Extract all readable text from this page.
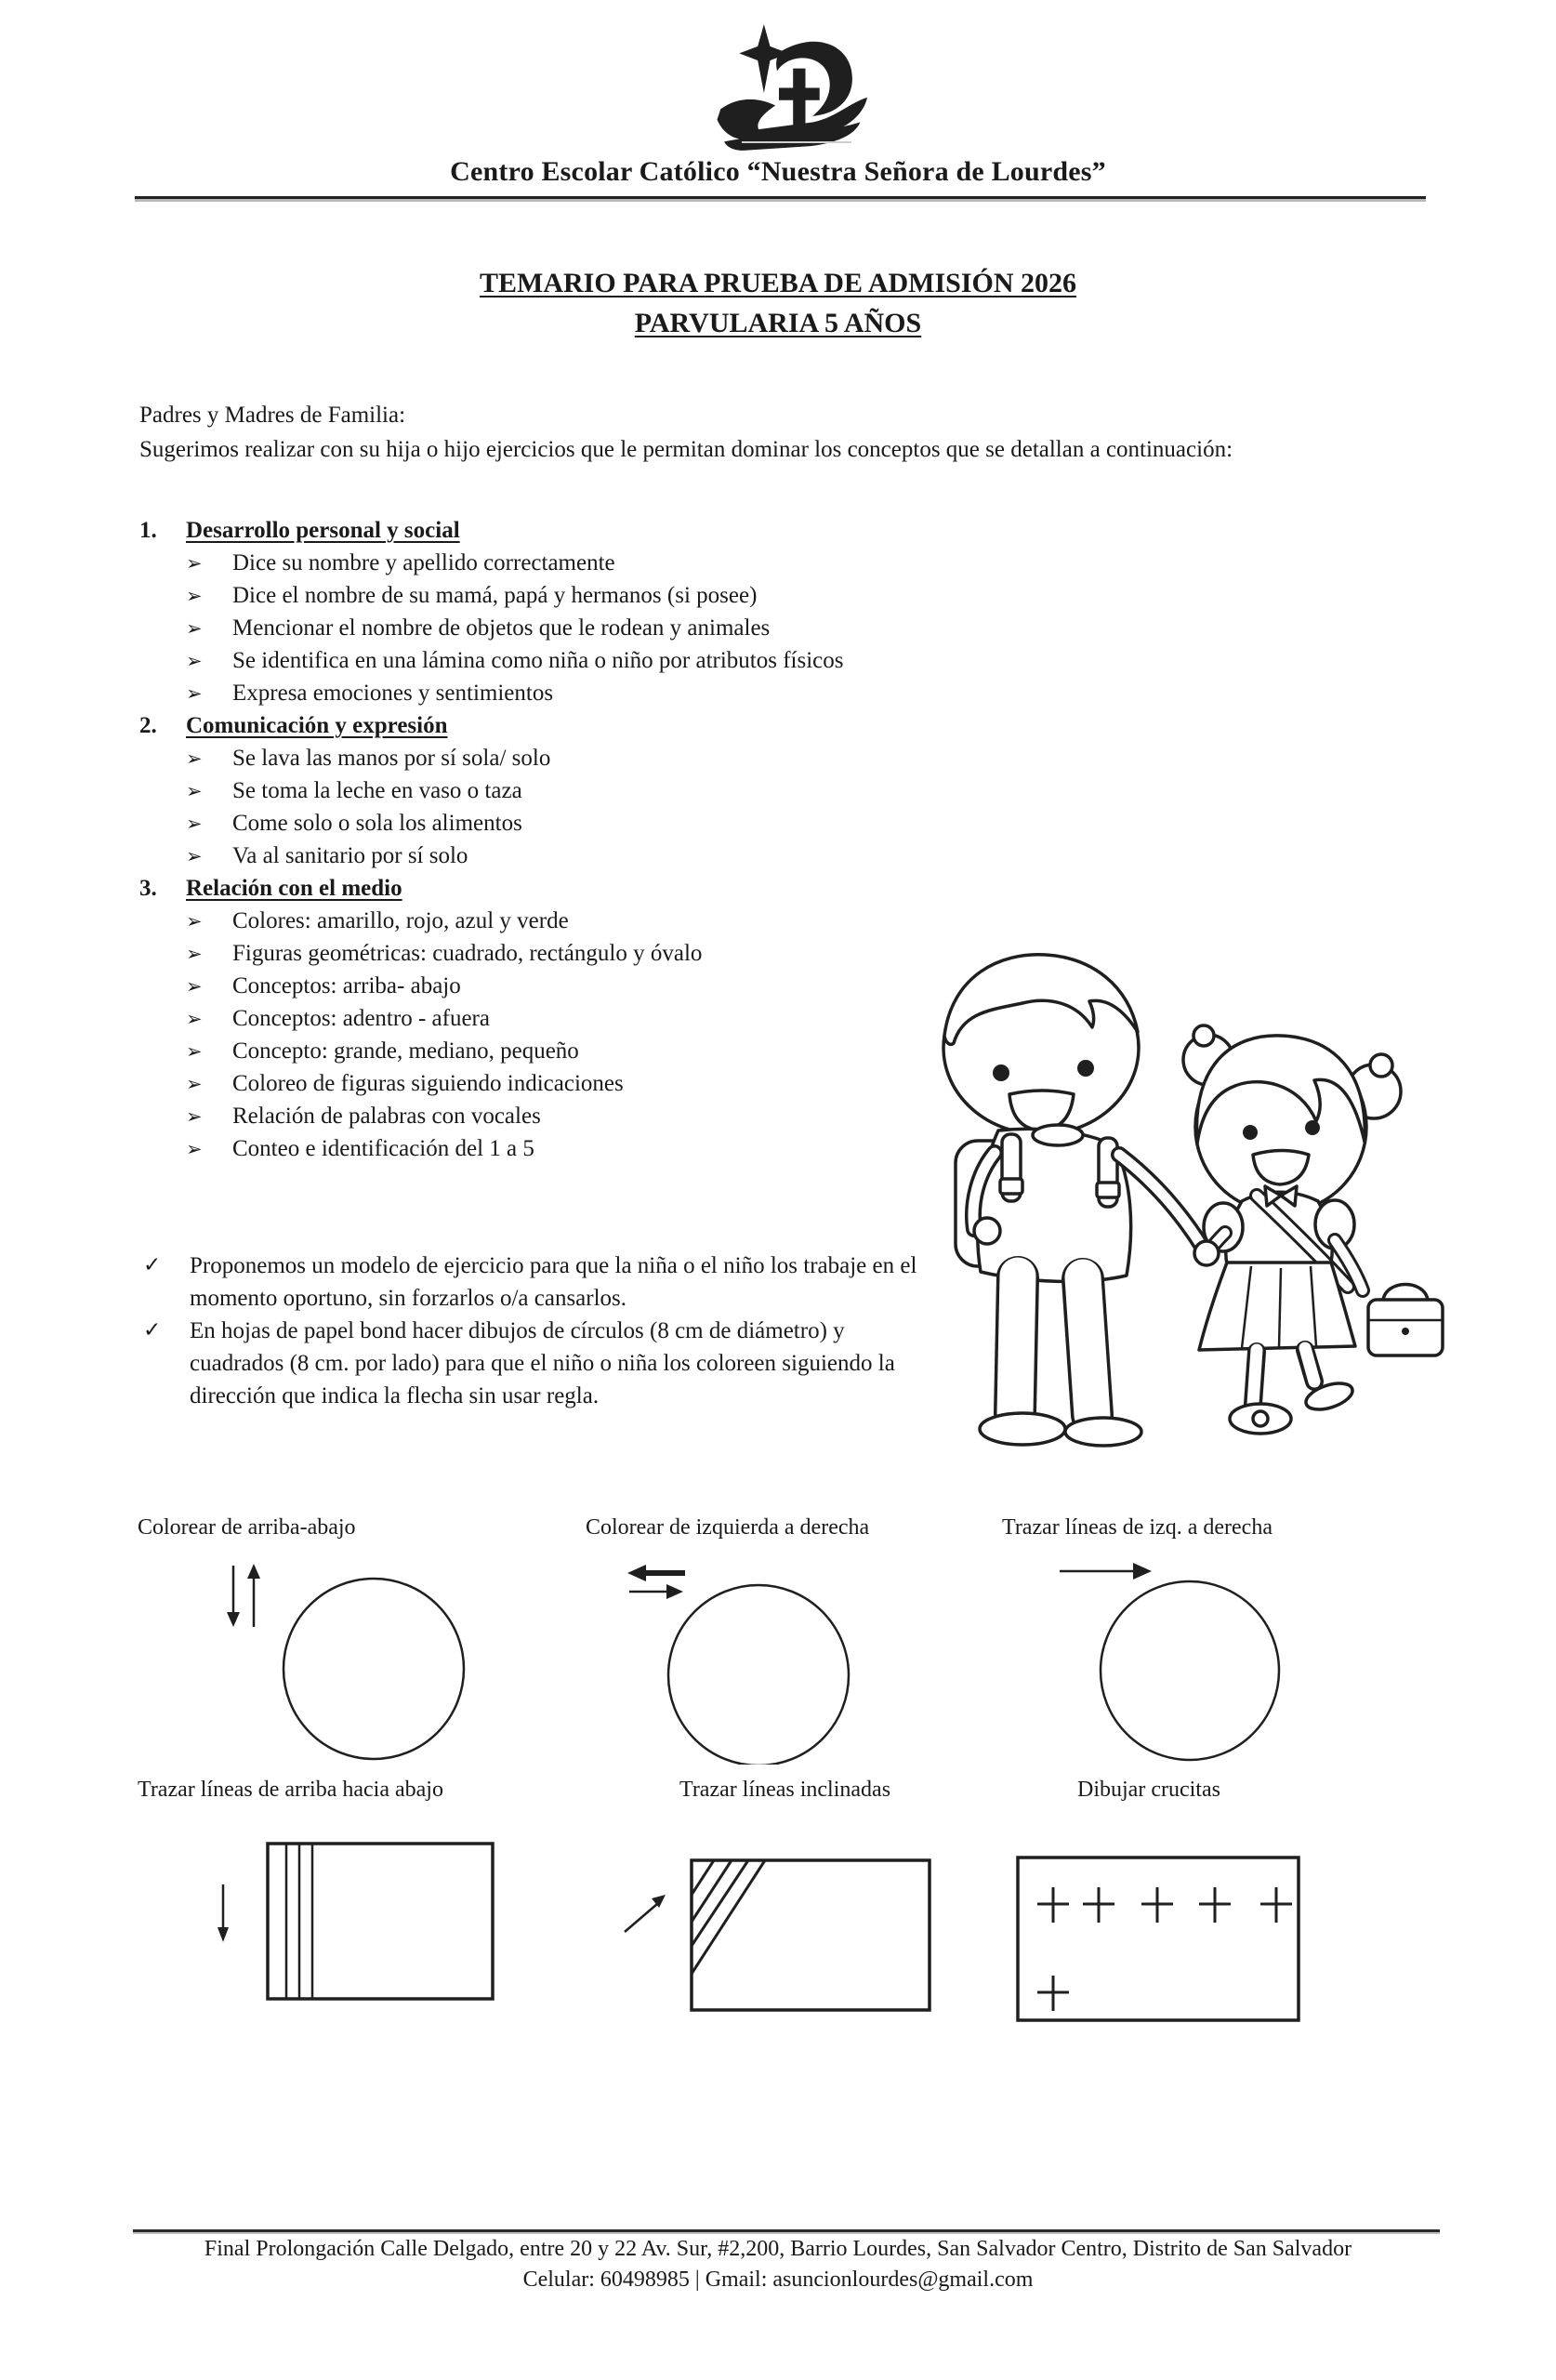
Centro Escolar Católico “Nuestra Señora de Lourdes”
TEMARIO PARA PRUEBA DE ADMISIÓN 2026
PARVULARIA 5 AÑOS
Padres y Madres de Familia:
Sugerimos realizar con su hija o hijo ejercicios que le permitan dominar los conceptos que se detallan a continuación:
1.	Desarrollo personal y social
➢	Dice su nombre y apellido correctamente
➢	Dice el nombre de su mamá, papá y hermanos (si posee)
➢	Mencionar el nombre de objetos que le rodean y animales
➢	Se identifica en una lámina como niña o niño por atributos físicos
➢	Expresa emociones y sentimientos
2.	Comunicación y expresión
➢	Se lava las manos por sí sola/ solo
➢	Se toma la leche en vaso o taza
➢	Come solo o sola los alimentos
➢	Va al sanitario por sí solo
3.	Relación con el medio
➢	Colores: amarillo, rojo, azul y verde
➢	Figuras geométricas: cuadrado, rectángulo y óvalo
➢	Conceptos: arriba- abajo
➢	Conceptos: adentro - afuera
➢	Concepto: grande, mediano, pequeño
➢	Coloreo de figuras siguiendo indicaciones
➢	Relación de palabras con vocales
➢	Conteo e identificación del 1 a 5
✓	Proponemos un modelo de ejercicio para que la niña o el niño los trabaje en el momento oportuno, sin forzarlos o/a cansarlos.
✓	En hojas de papel bond hacer dibujos de círculos (8 cm de diámetro) y cuadrados (8 cm. por lado) para que el niño o niña los coloreen siguiendo la dirección que indica la flecha sin usar regla.
Colorear de arriba-abajo	Colorear de izquierda a derecha	Trazar líneas de izq. a derecha
Trazar líneas de arriba hacia abajo	Trazar líneas inclinadas	Dibujar crucitas
Final Prolongación Calle Delgado, entre 20 y 22 Av. Sur, #2,200, Barrio Lourdes, San Salvador Centro, Distrito de San Salvador
Celular: 60498985 | Gmail: asuncionlourdes@gmail.com
